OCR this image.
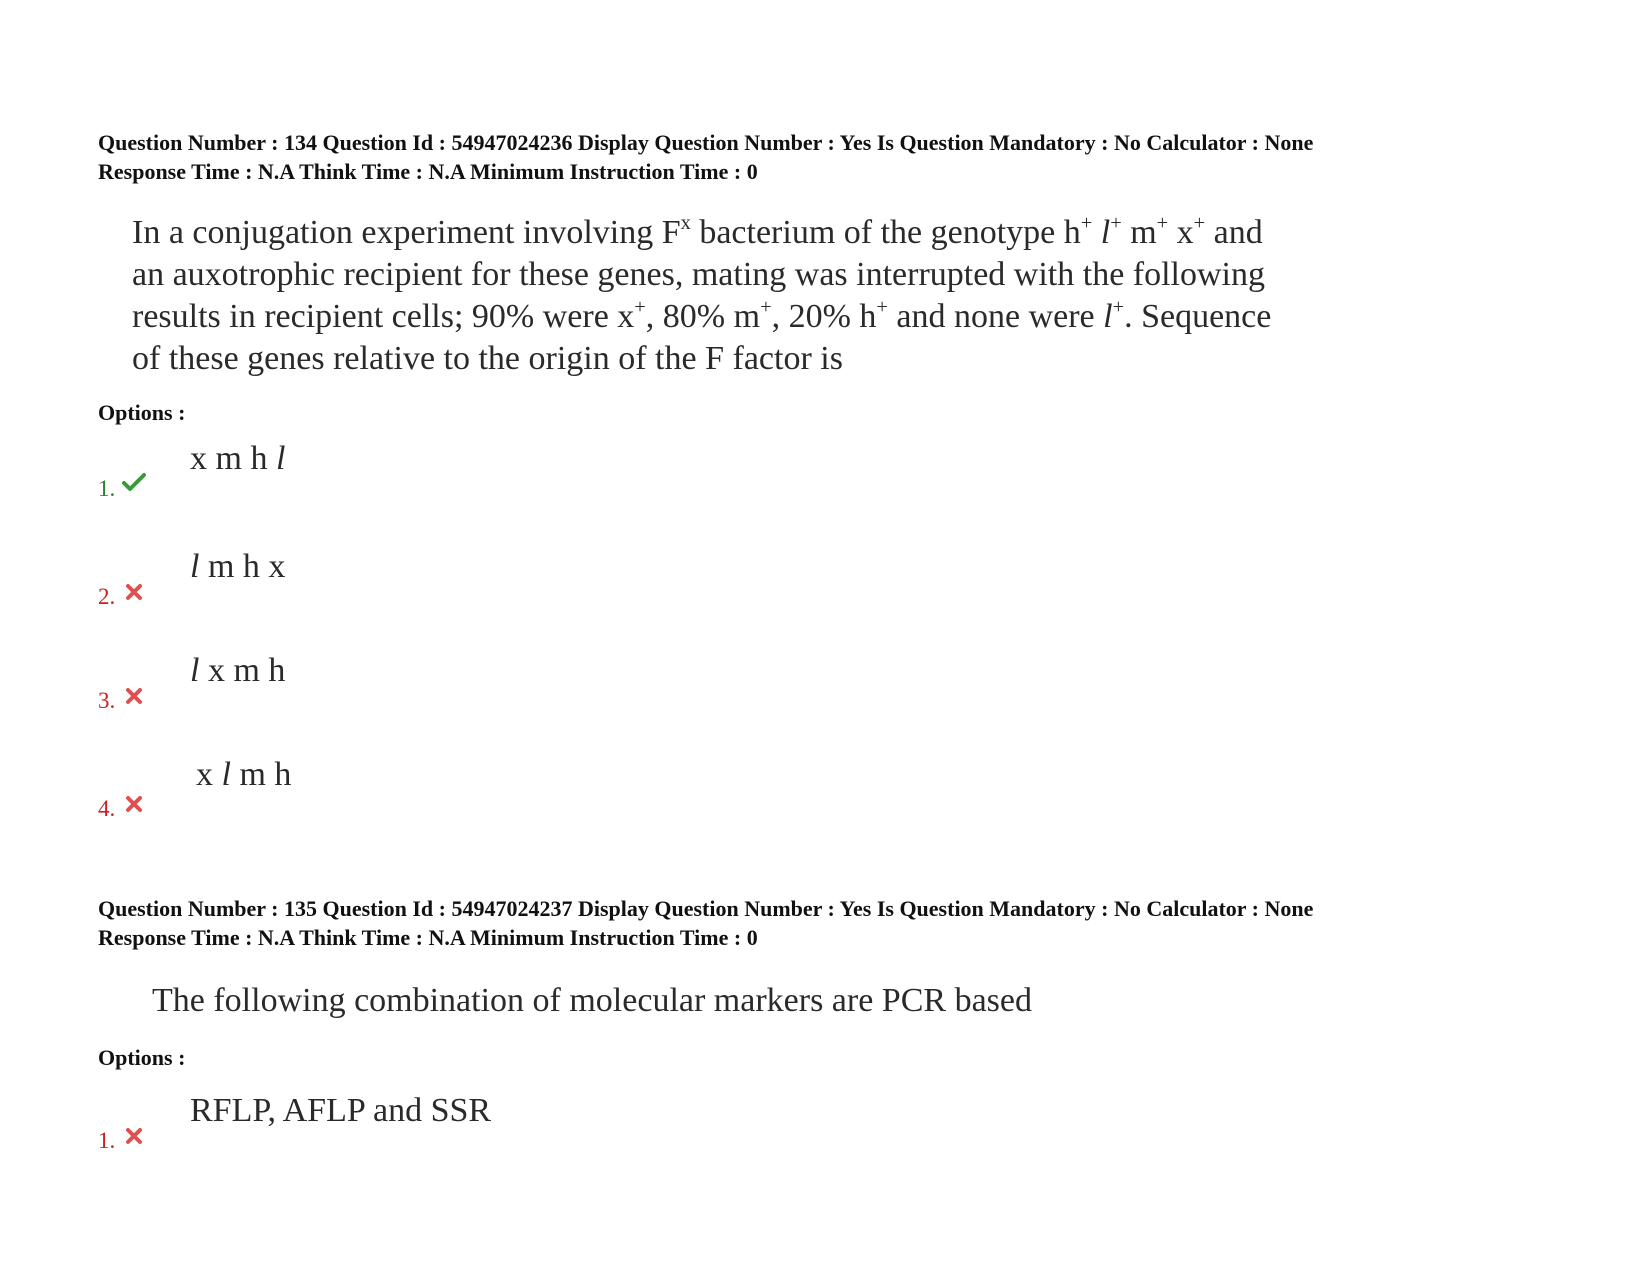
Question Number : 134 Question Id : 54947024236 Display Question Number : Yes Is Question Mandatory : No Calculator : None

Response Time : N.A Think Time : N.A Minimum Instruction Time : 0

In a conjugation experiment involving $F^x$ bacterium of the genotype h+ l+ m+ x+ and

an auxotrophic recipient for these genes, mating was interrupted with the following

results in recipient cells; 90% were x+, 80% m+, 20% h+ and none were l+. Sequence

of these genes relative to the origin of the F factor is

Options :
1.
x m h l
2.
l m h x
3.
l x m h
4.
x l m h

Question Number : 135 Question Id : 54947024237 Display Question Number : Yes Is Question Mandatory : No Calculator : None

Response Time : N.A Think Time : N.A Minimum Instruction Time : 0

The following combination of molecular markers are PCR based

Options :
1.
RFLP, AFLP and SSR
